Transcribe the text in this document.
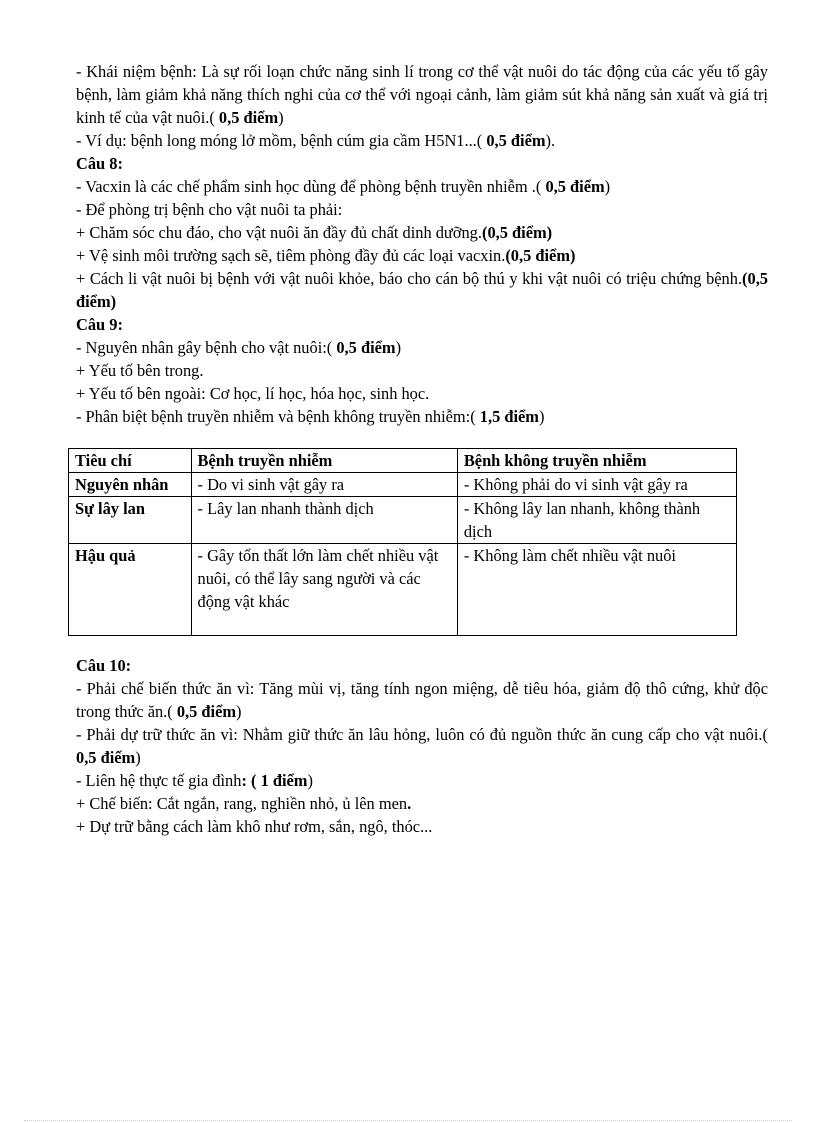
- Khái niệm bệnh: Là sự rối loạn chức năng sinh lí trong cơ thể vật nuôi do tác động của các yếu tố gây bệnh, làm giảm khả năng thích nghi của cơ thể với ngoại cảnh, làm giảm sút khả năng sản xuất và giá trị kinh tế của vật nuôi.( 0,5 điểm)

- Ví dụ: bệnh long móng lở mồm, bệnh cúm gia cầm H5N1...( 0,5 điểm).

Câu 8:

- Vacxin là các chế phẩm sinh học dùng để phòng bệnh truyền nhiễm .( 0,5 điểm)

- Để phòng trị bệnh cho vật nuôi ta phải:

+ Chăm sóc chu đáo, cho vật nuôi ăn đầy đủ chất dinh dưỡng.(0,5 điểm)

+ Vệ sinh môi trường sạch sẽ, tiêm phòng đầy đủ các loại vacxin.(0,5 điểm)

+ Cách li vật nuôi bị bệnh với vật nuôi khỏe, báo cho cán bộ thú y khi vật nuôi có triệu chứng bệnh.(0,5 điểm)

Câu 9:

- Nguyên nhân gây bệnh cho vật nuôi:( 0,5 điểm)

+ Yếu tố bên trong.

+ Yếu tố bên ngoài: Cơ học, lí học, hóa học, sinh học.

- Phân biệt bệnh truyền nhiễm và bệnh không truyền nhiễm:( 1,5 điểm)

Tiêu chí	Bệnh truyền nhiễm	Bệnh không truyền nhiễm
Nguyên nhân	- Do vi sinh vật gây ra	- Không phải do vi sinh vật gây ra
Sự lây lan	- Lây lan nhanh thành dịch	- Không lây lan nhanh, không thành dịch
Hậu quả	- Gây tổn thất lớn làm chết nhiều vật nuôi, có thể lây sang người và các động vật khác	- Không làm chết nhiều vật nuôi

Câu 10:

- Phải chế biến thức ăn vì: Tăng mùi vị, tăng tính ngon miệng, dễ tiêu hóa, giảm độ thô cứng, khử độc trong thức ăn.( 0,5 điểm)

- Phải dự trữ thức ăn vì: Nhằm giữ thức ăn lâu hỏng, luôn có đủ nguồn thức ăn cung cấp cho vật nuôi.( 0,5 điểm)

- Liên hệ thực tế gia đình: ( 1 điểm)

+ Chế biến: Cắt ngắn, rang, nghiền nhỏ, ủ lên men.

+ Dự trữ bằng cách làm khô như rơm, sắn, ngô, thóc...
